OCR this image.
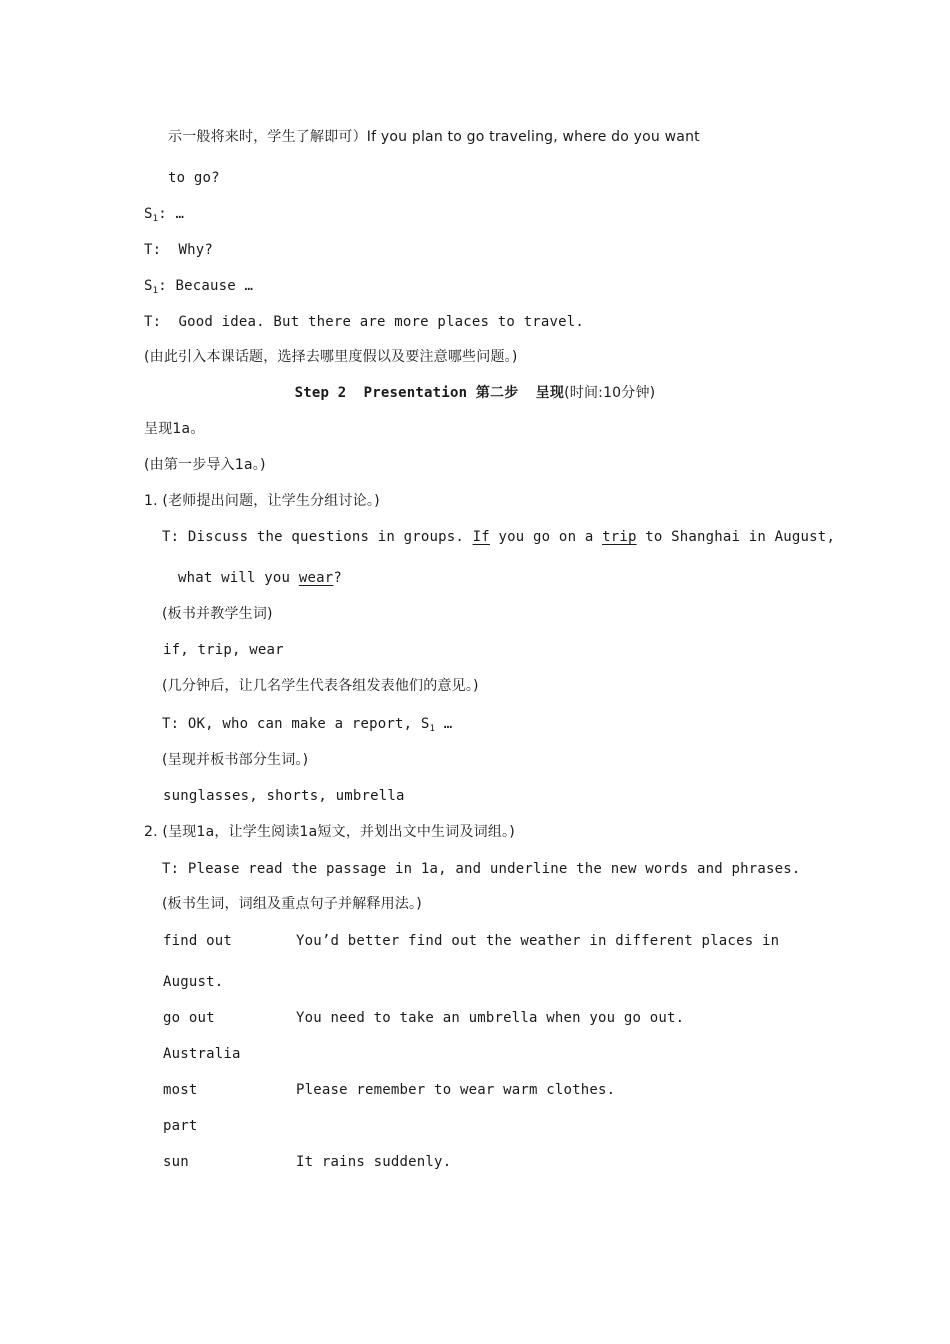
示一般将来时，学生了解即可）If you plan to go traveling, where do you want
to go?
$S_1$: …
T:  Why?
$S_1$: Because …
T:  Good idea. But there are more places to travel.
(由此引入本课话题，选择去哪里度假以及要注意哪些问题。)
Step 2  Presentation 第二步  呈现(时间:10分钟)
呈现1a。
(由第一步导入1a。)
1. (老师提出问题，让学生分组讨论。)
T: Discuss the questions in groups. If you go on a trip to Shanghai in August,
what will you wear?
(板书并教学生词)
if, trip, wear
(几分钟后，让几名学生代表各组发表他们的意见。)
T: OK, who can make a report, $S_1$ …
(呈现并板书部分生词。)
sunglasses, shorts, umbrella
2. (呈现1a，让学生阅读1a短文，并划出文中生词及词组。)
T: Please read the passage in 1a, and underline the new words and phrases.
(板书生词，词组及重点句子并解释用法。)
find out	You’d better find out the weather in different places in
August.
go out	You need to take an umbrella when you go out.
Australia
most	Please remember to wear warm clothes.
part
sun	It rains suddenly.
